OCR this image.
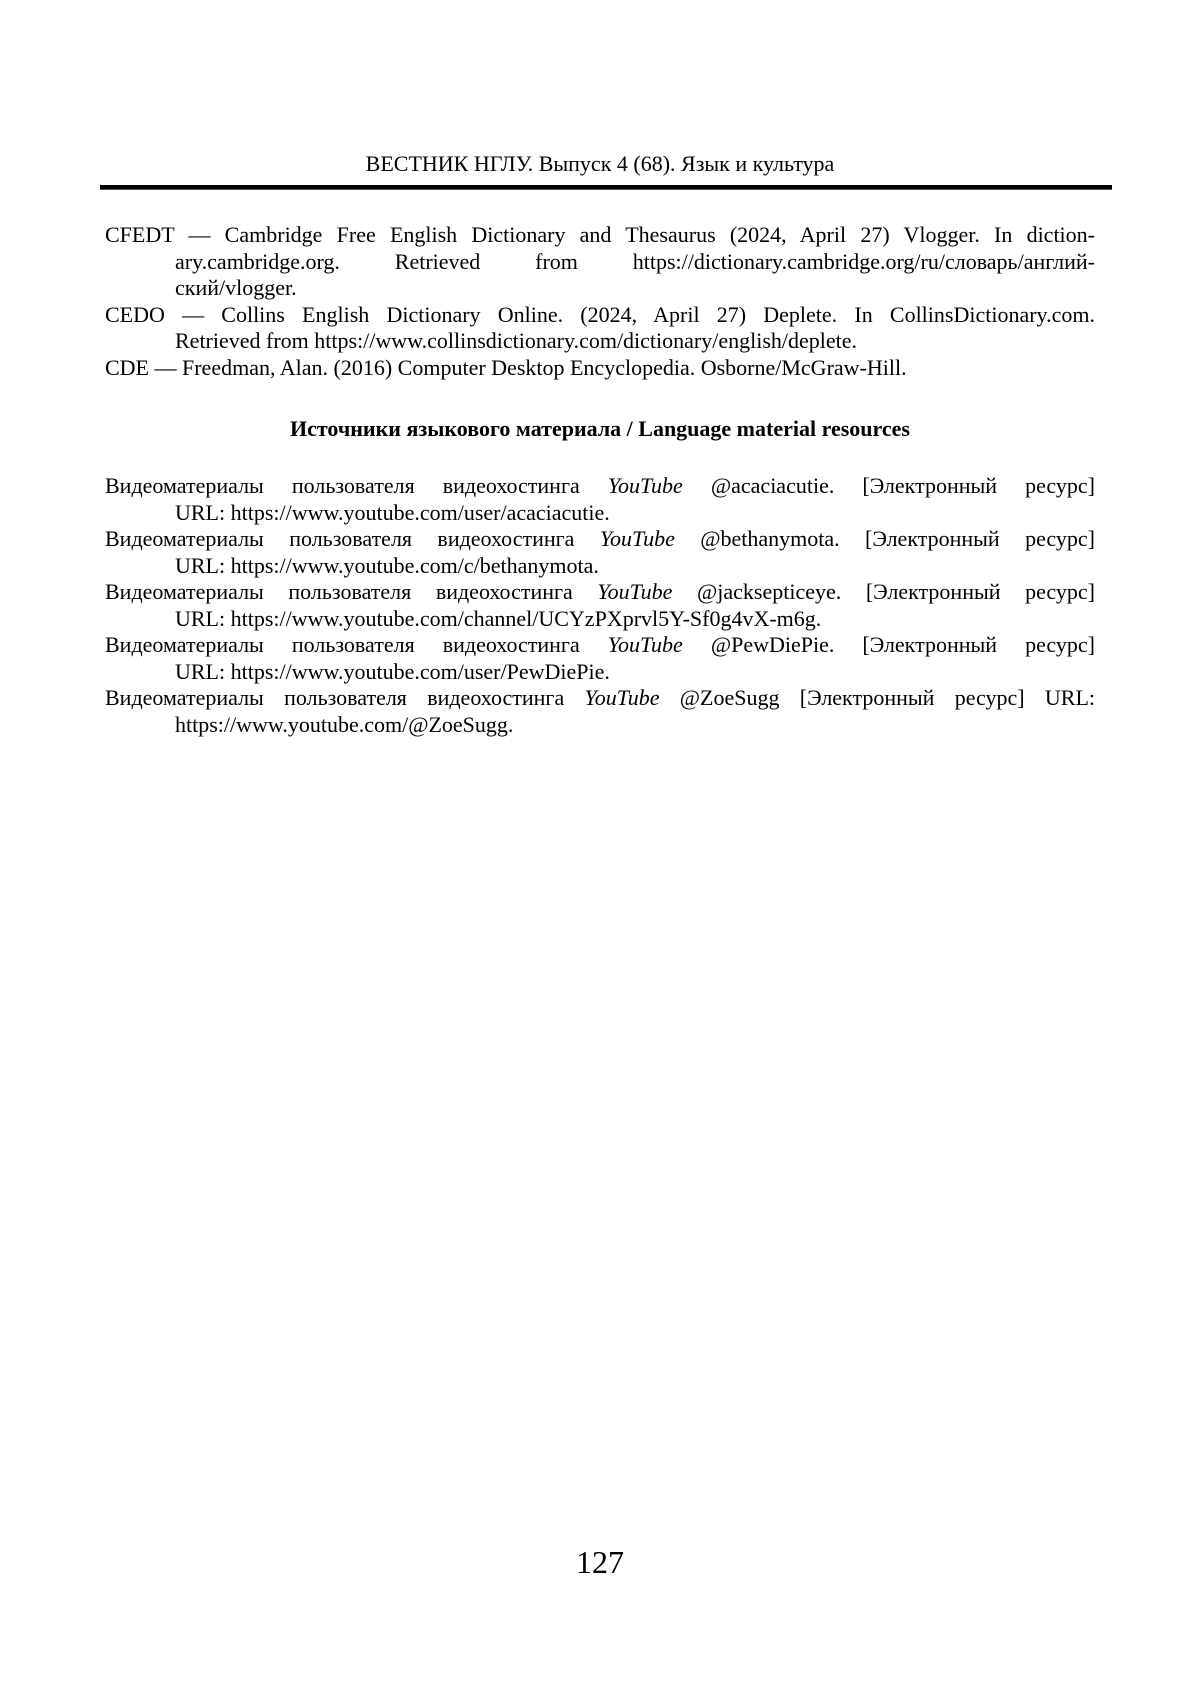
ВЕСТНИК НГЛУ. Выпуск 4 (68). Язык и культура
CFEDT — Cambridge Free English Dictionary and Thesaurus (2024, April 27) Vlogger. In diction-
ary.cambridge.org. Retrieved from https://dictionary.cambridge.org/ru/словарь/англий-
ский/vlogger.
CEDO — Collins English Dictionary Online. (2024, April 27) Deplete. In CollinsDictionary.com.
Retrieved from https://www.collinsdictionary.com/dictionary/english/deplete.
CDE — Freedman, Alan. (2016) Computer Desktop Encyclopedia. Osborne/McGraw-Hill.
Источники языкового материала / Language material resources
Видеоматериалы пользователя видеохостинга YouTube @acaciacutie. [Электронный ресурс]
URL: https://www.youtube.com/user/acaciacutie.
Видеоматериалы пользователя видеохостинга YouTube @bethanymota. [Электронный ресурс]
URL: https://www.youtube.com/c/bethanymota.
Видеоматериалы пользователя видеохостинга YouTube @jacksepticeye. [Электронный ресурс]
URL: https://www.youtube.com/channel/UCYzPXprvl5Y-Sf0g4vX-m6g.
Видеоматериалы пользователя видеохостинга YouTube @PewDiePie. [Электронный ресурс]
URL: https://www.youtube.com/user/PewDiePie.
Видеоматериалы пользователя видеохостинга YouTube @ZoeSugg [Электронный ресурс] URL:
https://www.youtube.com/@ZoeSugg.
127
